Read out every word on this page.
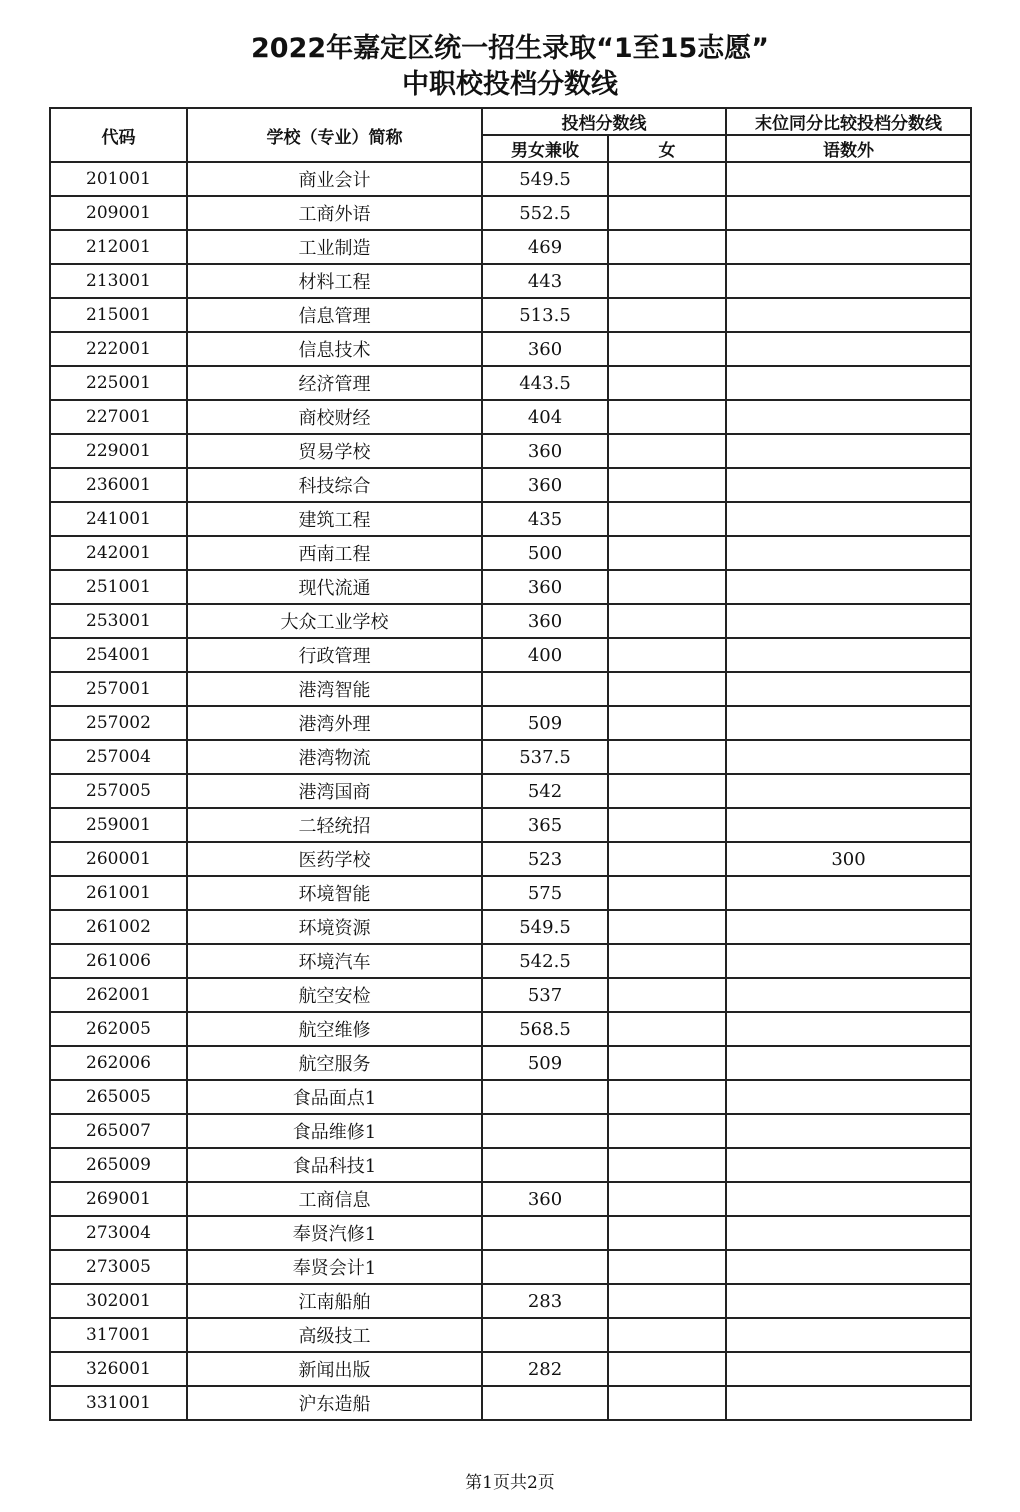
2022年嘉定区统一招生录取“1至15志愿”
中职校投档分数线
代码	学校（专业）简称	投档分数线		末位同分比较投档分数线
		男女兼收	女	语数外
201001	商业会计	549.5		
209001	工商外语	552.5		
212001	工业制造	469		
213001	材料工程	443		
215001	信息管理	513.5		
222001	信息技术	360		
225001	经济管理	443.5		
227001	商校财经	404		
229001	贸易学校	360		
236001	科技综合	360		
241001	建筑工程	435		
242001	西南工程	500		
251001	现代流通	360		
253001	大众工业学校	360		
254001	行政管理	400		
257001	港湾智能			
257002	港湾外理	509		
257004	港湾物流	537.5		
257005	港湾国商	542		
259001	二轻统招	365		
260001	医药学校	523		300
261001	环境智能	575		
261002	环境资源	549.5		
261006	环境汽车	542.5		
262001	航空安检	537		
262005	航空维修	568.5		
262006	航空服务	509		
265005	食品面点1			
265007	食品维修1			
265009	食品科技1			
269001	工商信息	360		
273004	奉贤汽修1			
273005	奉贤会计1			
302001	江南船舶	283		
317001	高级技工			
326001	新闻出版	282		
331001	沪东造船			
第1页共2页
